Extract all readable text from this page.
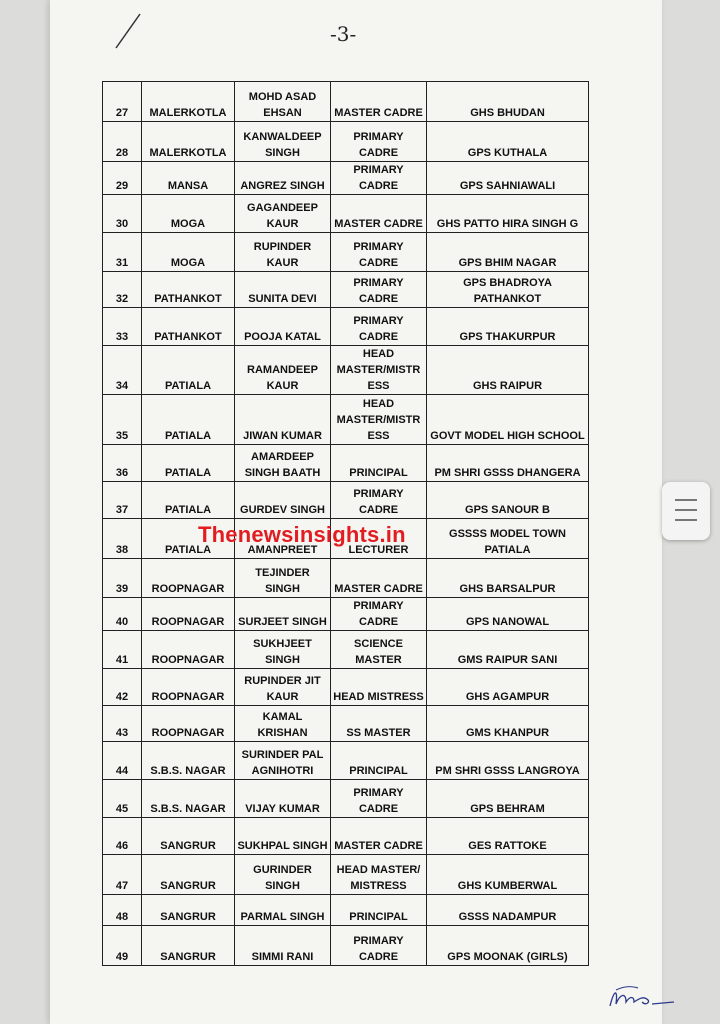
-3-
27	MALERKOTLA	MOHD ASAD EHSAN	MASTER CADRE	GHS BHUDAN
28	MALERKOTLA	KANWALDEEP SINGH	PRIMARY CADRE	GPS KUTHALA
29	MANSA	ANGREZ SINGH	PRIMARY CADRE	GPS SAHNIAWALI
30	MOGA	GAGANDEEP KAUR	MASTER CADRE	GHS PATTO HIRA SINGH G
31	MOGA	RUPINDER KAUR	PRIMARY CADRE	GPS BHIM NAGAR
32	PATHANKOT	SUNITA DEVI	PRIMARY CADRE	GPS BHADROYA PATHANKOT
33	PATHANKOT	POOJA KATAL	PRIMARY CADRE	GPS THAKURPUR
34	PATIALA	RAMANDEEP KAUR	HEAD MASTER/MISTR ESS	GHS RAIPUR
35	PATIALA	JIWAN KUMAR	HEAD MASTER/MISTR ESS	GOVT MODEL HIGH SCHOOL
36	PATIALA	AMARDEEP SINGH BAATH	PRINCIPAL	PM SHRI GSSS DHANGERA
37	PATIALA	GURDEV SINGH	PRIMARY CADRE	GPS SANOUR B
38	PATIALA	AMANPREET	LECTURER	GSSSS MODEL TOWN PATIALA
39	ROOPNAGAR	TEJINDER SINGH	MASTER CADRE	GHS BARSALPUR
40	ROOPNAGAR	SURJEET SINGH	PRIMARY CADRE	GPS NANOWAL
41	ROOPNAGAR	SUKHJEET SINGH	SCIENCE MASTER	GMS RAIPUR SANI
42	ROOPNAGAR	RUPINDER JIT KAUR	HEAD MISTRESS	GHS AGAMPUR
43	ROOPNAGAR	KAMAL KRISHAN	SS MASTER	GMS KHANPUR
44	S.B.S. NAGAR	SURINDER PAL AGNIHOTRI	PRINCIPAL	PM SHRI GSSS LANGROYA
45	S.B.S. NAGAR	VIJAY KUMAR	PRIMARY CADRE	GPS BEHRAM
46	SANGRUR	SUKHPAL SINGH	MASTER CADRE	GES RATTOKE
47	SANGRUR	GURINDER SINGH	HEAD MASTER/ MISTRESS	GHS KUMBERWAL
48	SANGRUR	PARMAL SINGH	PRINCIPAL	GSSS NADAMPUR
49	SANGRUR	SIMMI RANI	PRIMARY CADRE	GPS MOONAK (GIRLS)
Thenewsinsights.in
